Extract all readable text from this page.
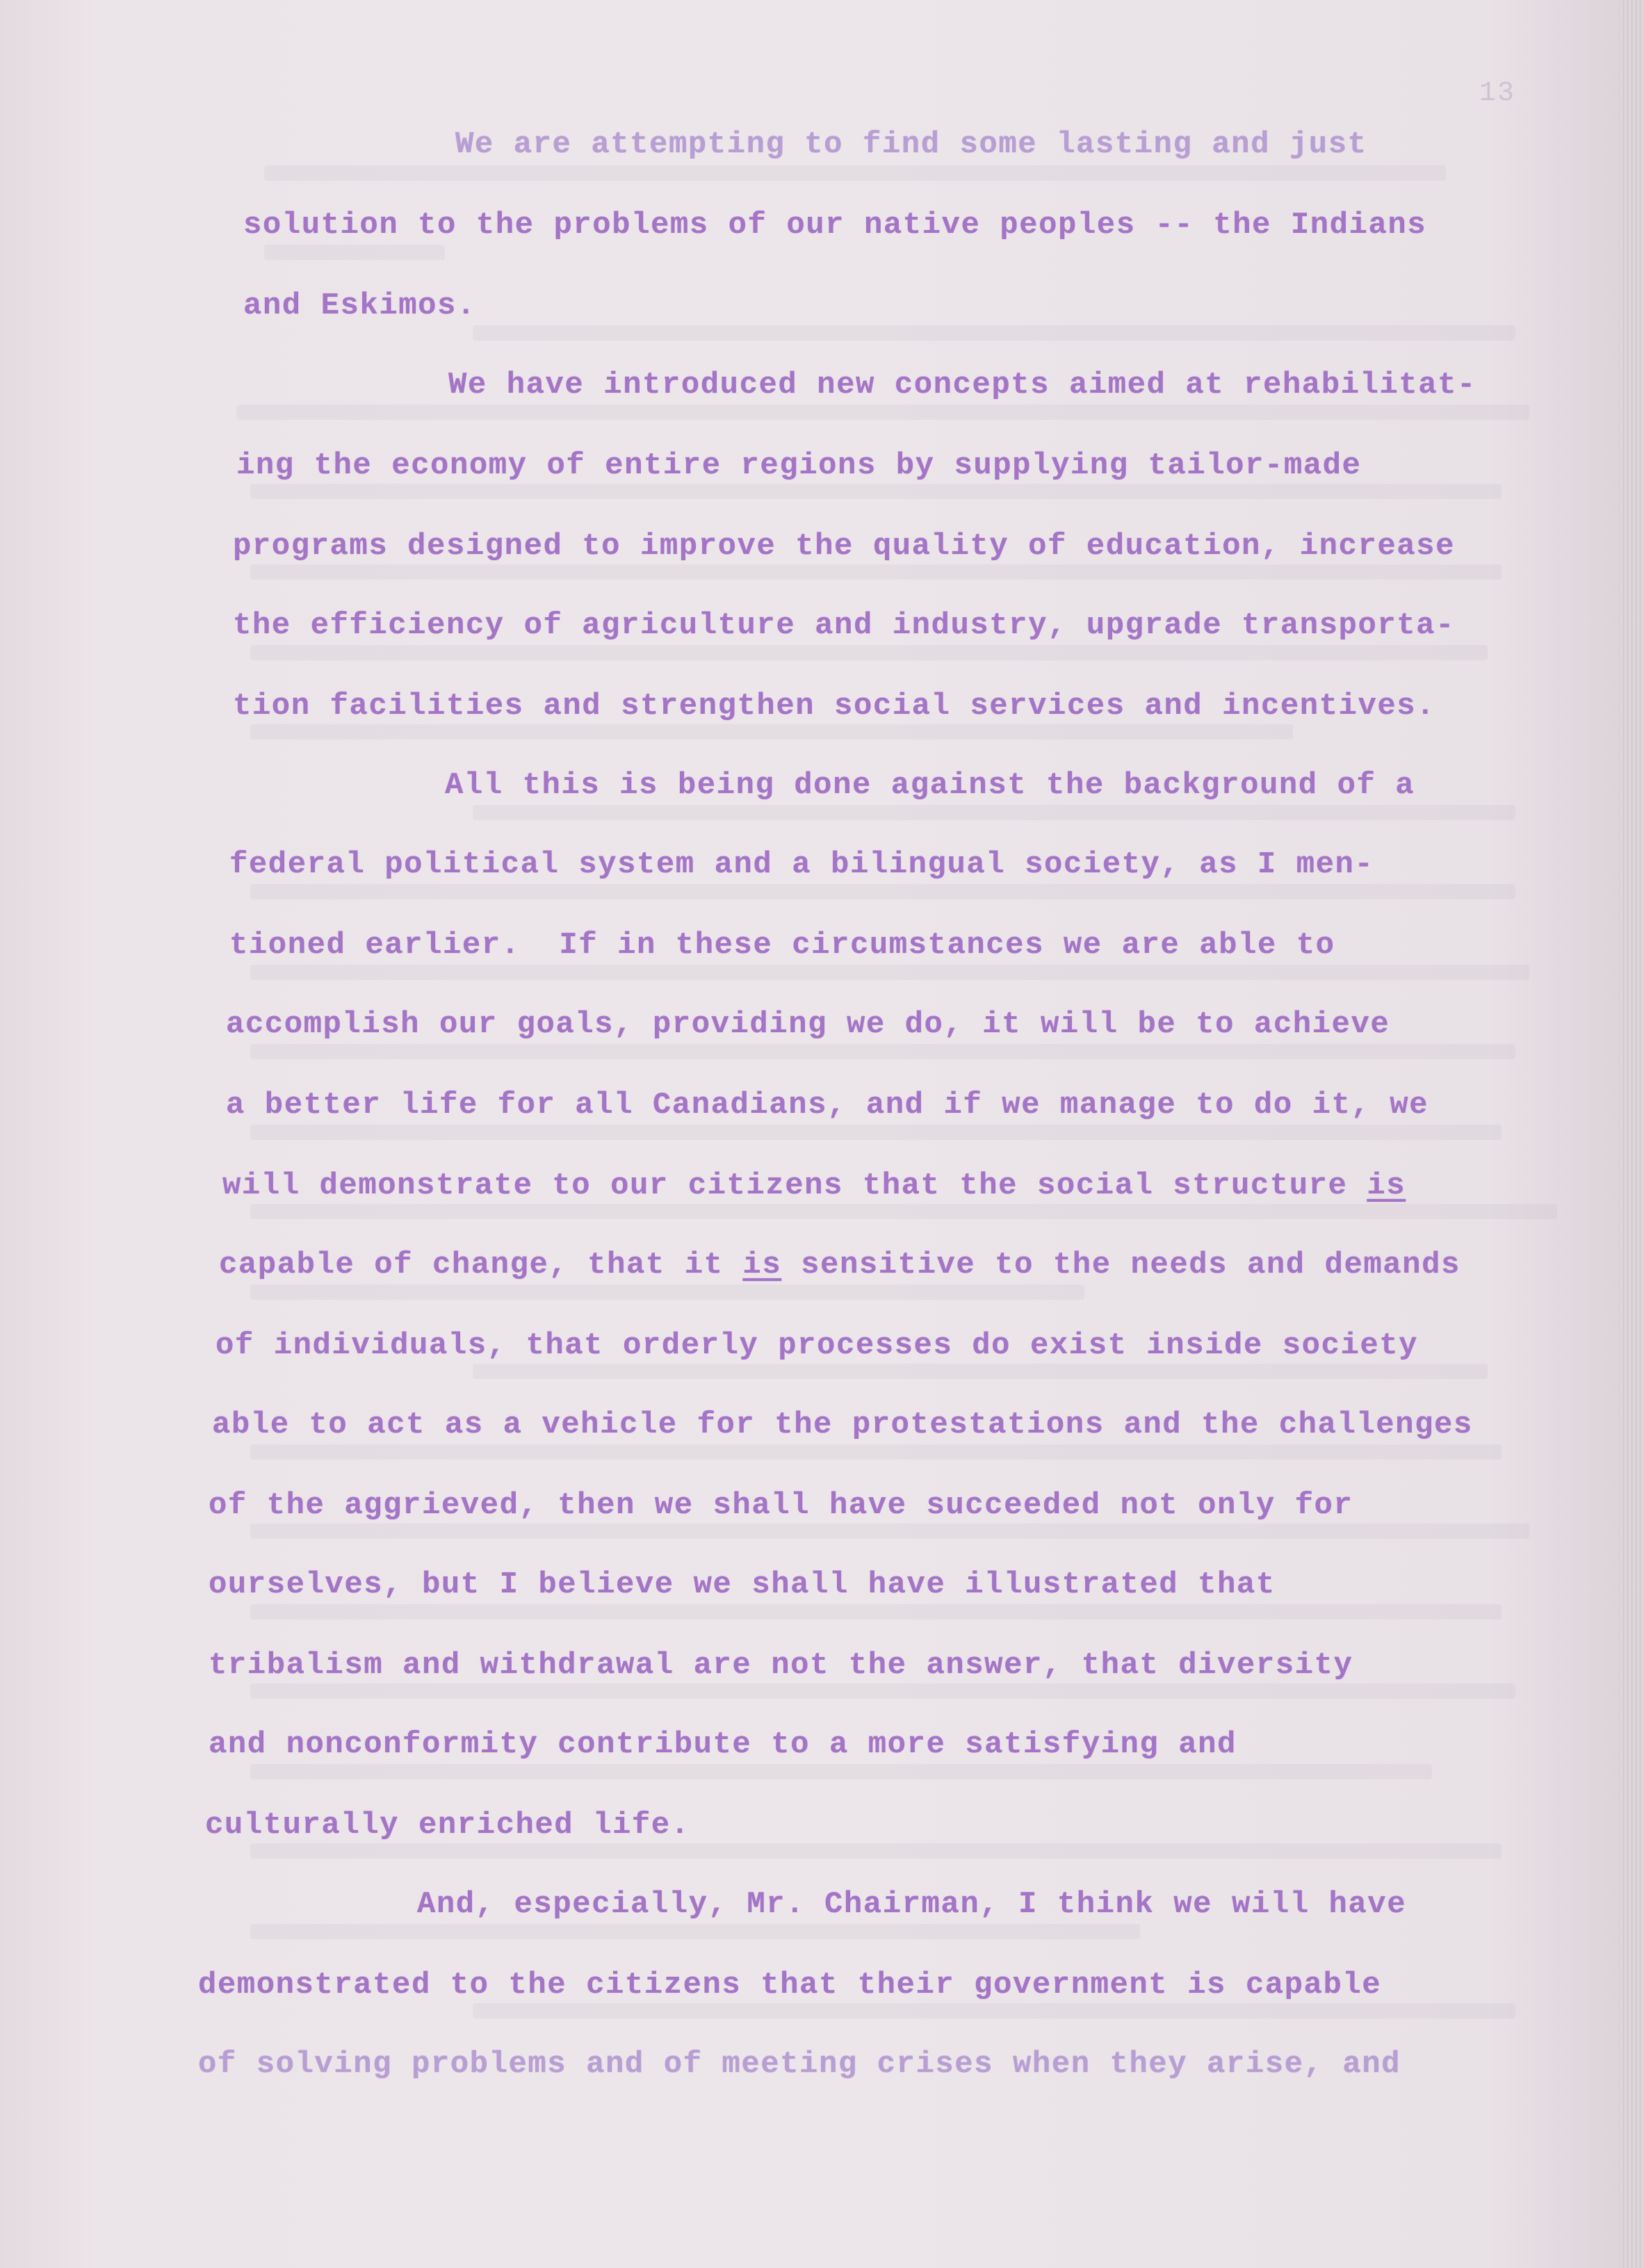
13
We are attempting to find some lasting and just
solution to the problems of our native peoples -- the Indians
and Eskimos.
We have introduced new concepts aimed at rehabilitat-
ing the economy of entire regions by supplying tailor-made
programs designed to improve the quality of education, increase
the efficiency of agriculture and industry, upgrade transporta-
tion facilities and strengthen social services and incentives.
All this is being done against the background of a
federal political system and a bilingual society, as I men-
tioned earlier.  If in these circumstances we are able to
accomplish our goals, providing we do, it will be to achieve
a better life for all Canadians, and if we manage to do it, we
will demonstrate to our citizens that the social structure is
capable of change, that it is sensitive to the needs and demands
of individuals, that orderly processes do exist inside society
able to act as a vehicle for the protestations and the challenges
of the aggrieved, then we shall have succeeded not only for
ourselves, but I believe we shall have illustrated that
tribalism and withdrawal are not the answer, that diversity
and nonconformity contribute to a more satisfying and
culturally enriched life.
And, especially, Mr. Chairman, I think we will have
demonstrated to the citizens that their government is capable
of solving problems and of meeting crises when they arise, and
